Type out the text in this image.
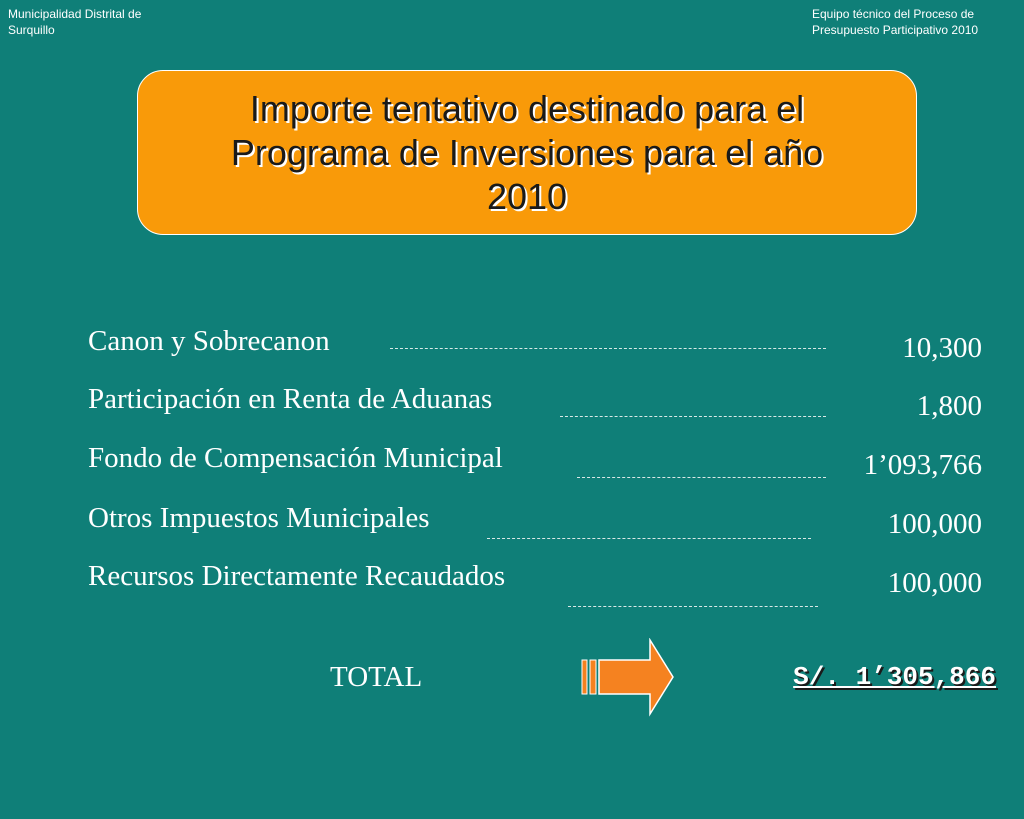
Municipalidad Distrital de
Surquillo
Equipo técnico del Proceso de
Presupuesto Participativo 2010
Importe tentativo destinado para el
Programa de Inversiones para el año
2010
Canon y Sobrecanon	10,300
Participación en Renta de Aduanas	1,800
Fondo de Compensación Municipal	1’093,766
Otros Impuestos Municipales	100,000
Recursos Directamente Recaudados	100,000
TOTAL	S/. 1’305,866
